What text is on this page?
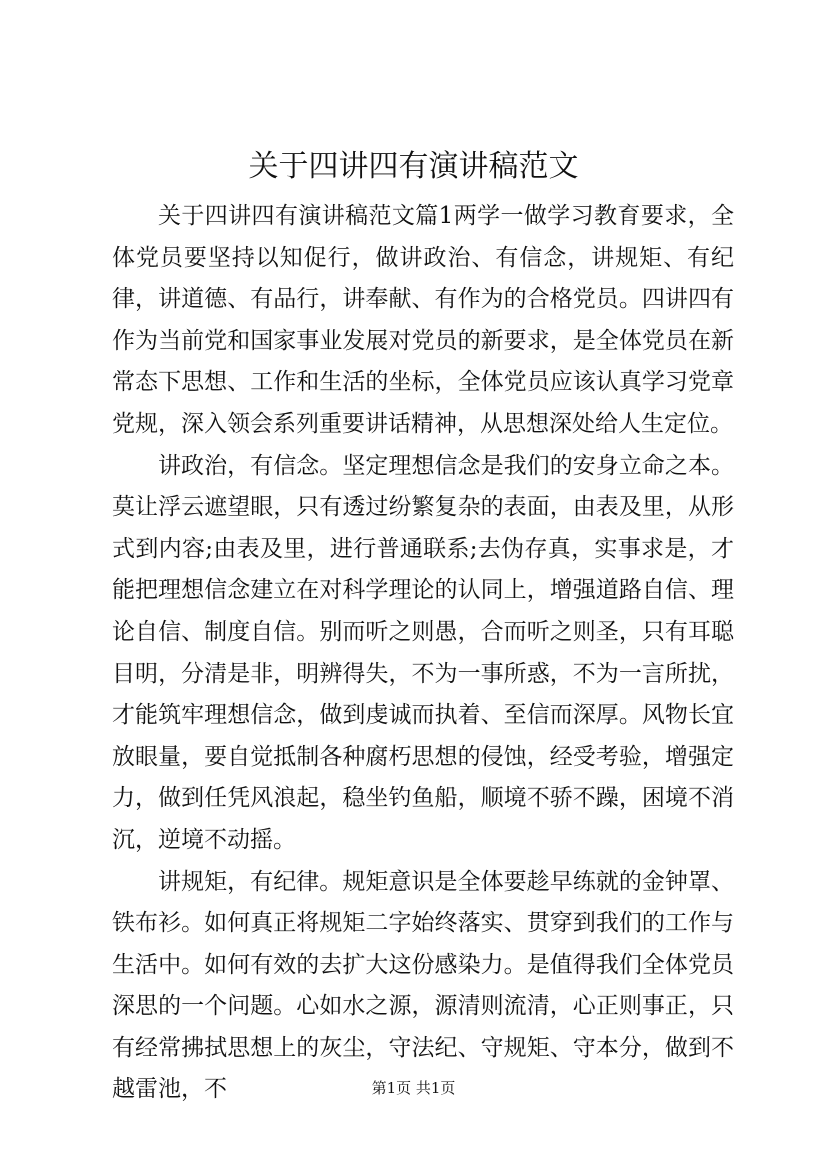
关于四讲四有演讲稿范文

关于四讲四有演讲稿范文篇1两学一做学习教育要求，全体党员要坚持以知促行，做讲政治、有信念，讲规矩、有纪律，讲道德、有品行，讲奉献、有作为的合格党员。四讲四有作为当前党和国家事业发展对党员的新要求，是全体党员在新常态下思想、工作和生活的坐标，全体党员应该认真学习党章党规，深入领会系列重要讲话精神，从思想深处给人生定位。

讲政治，有信念。坚定理想信念是我们的安身立命之本。莫让浮云遮望眼，只有透过纷繁复杂的表面，由表及里，从形式到内容;由表及里，进行普通联系;去伪存真，实事求是，才能把理想信念建立在对科学理论的认同上，增强道路自信、理论自信、制度自信。别而听之则愚，合而听之则圣，只有耳聪目明，分清是非，明辨得失，不为一事所惑，不为一言所扰，才能筑牢理想信念，做到虔诚而执着、至信而深厚。风物长宜放眼量，要自觉抵制各种腐朽思想的侵蚀，经受考验，增强定力，做到任凭风浪起，稳坐钓鱼船，顺境不骄不躁，困境不消沉，逆境不动摇。

讲规矩，有纪律。规矩意识是全体要趁早练就的金钟罩、铁布衫。如何真正将规矩二字始终落实、贯穿到我们的工作与生活中。如何有效的去扩大这份感染力。是值得我们全体党员深思的一个问题。心如水之源，源清则流清，心正则事正，只有经常拂拭思想上的灰尘，守法纪、守规矩、守本分，做到不越雷池，不	第1页 共1页
